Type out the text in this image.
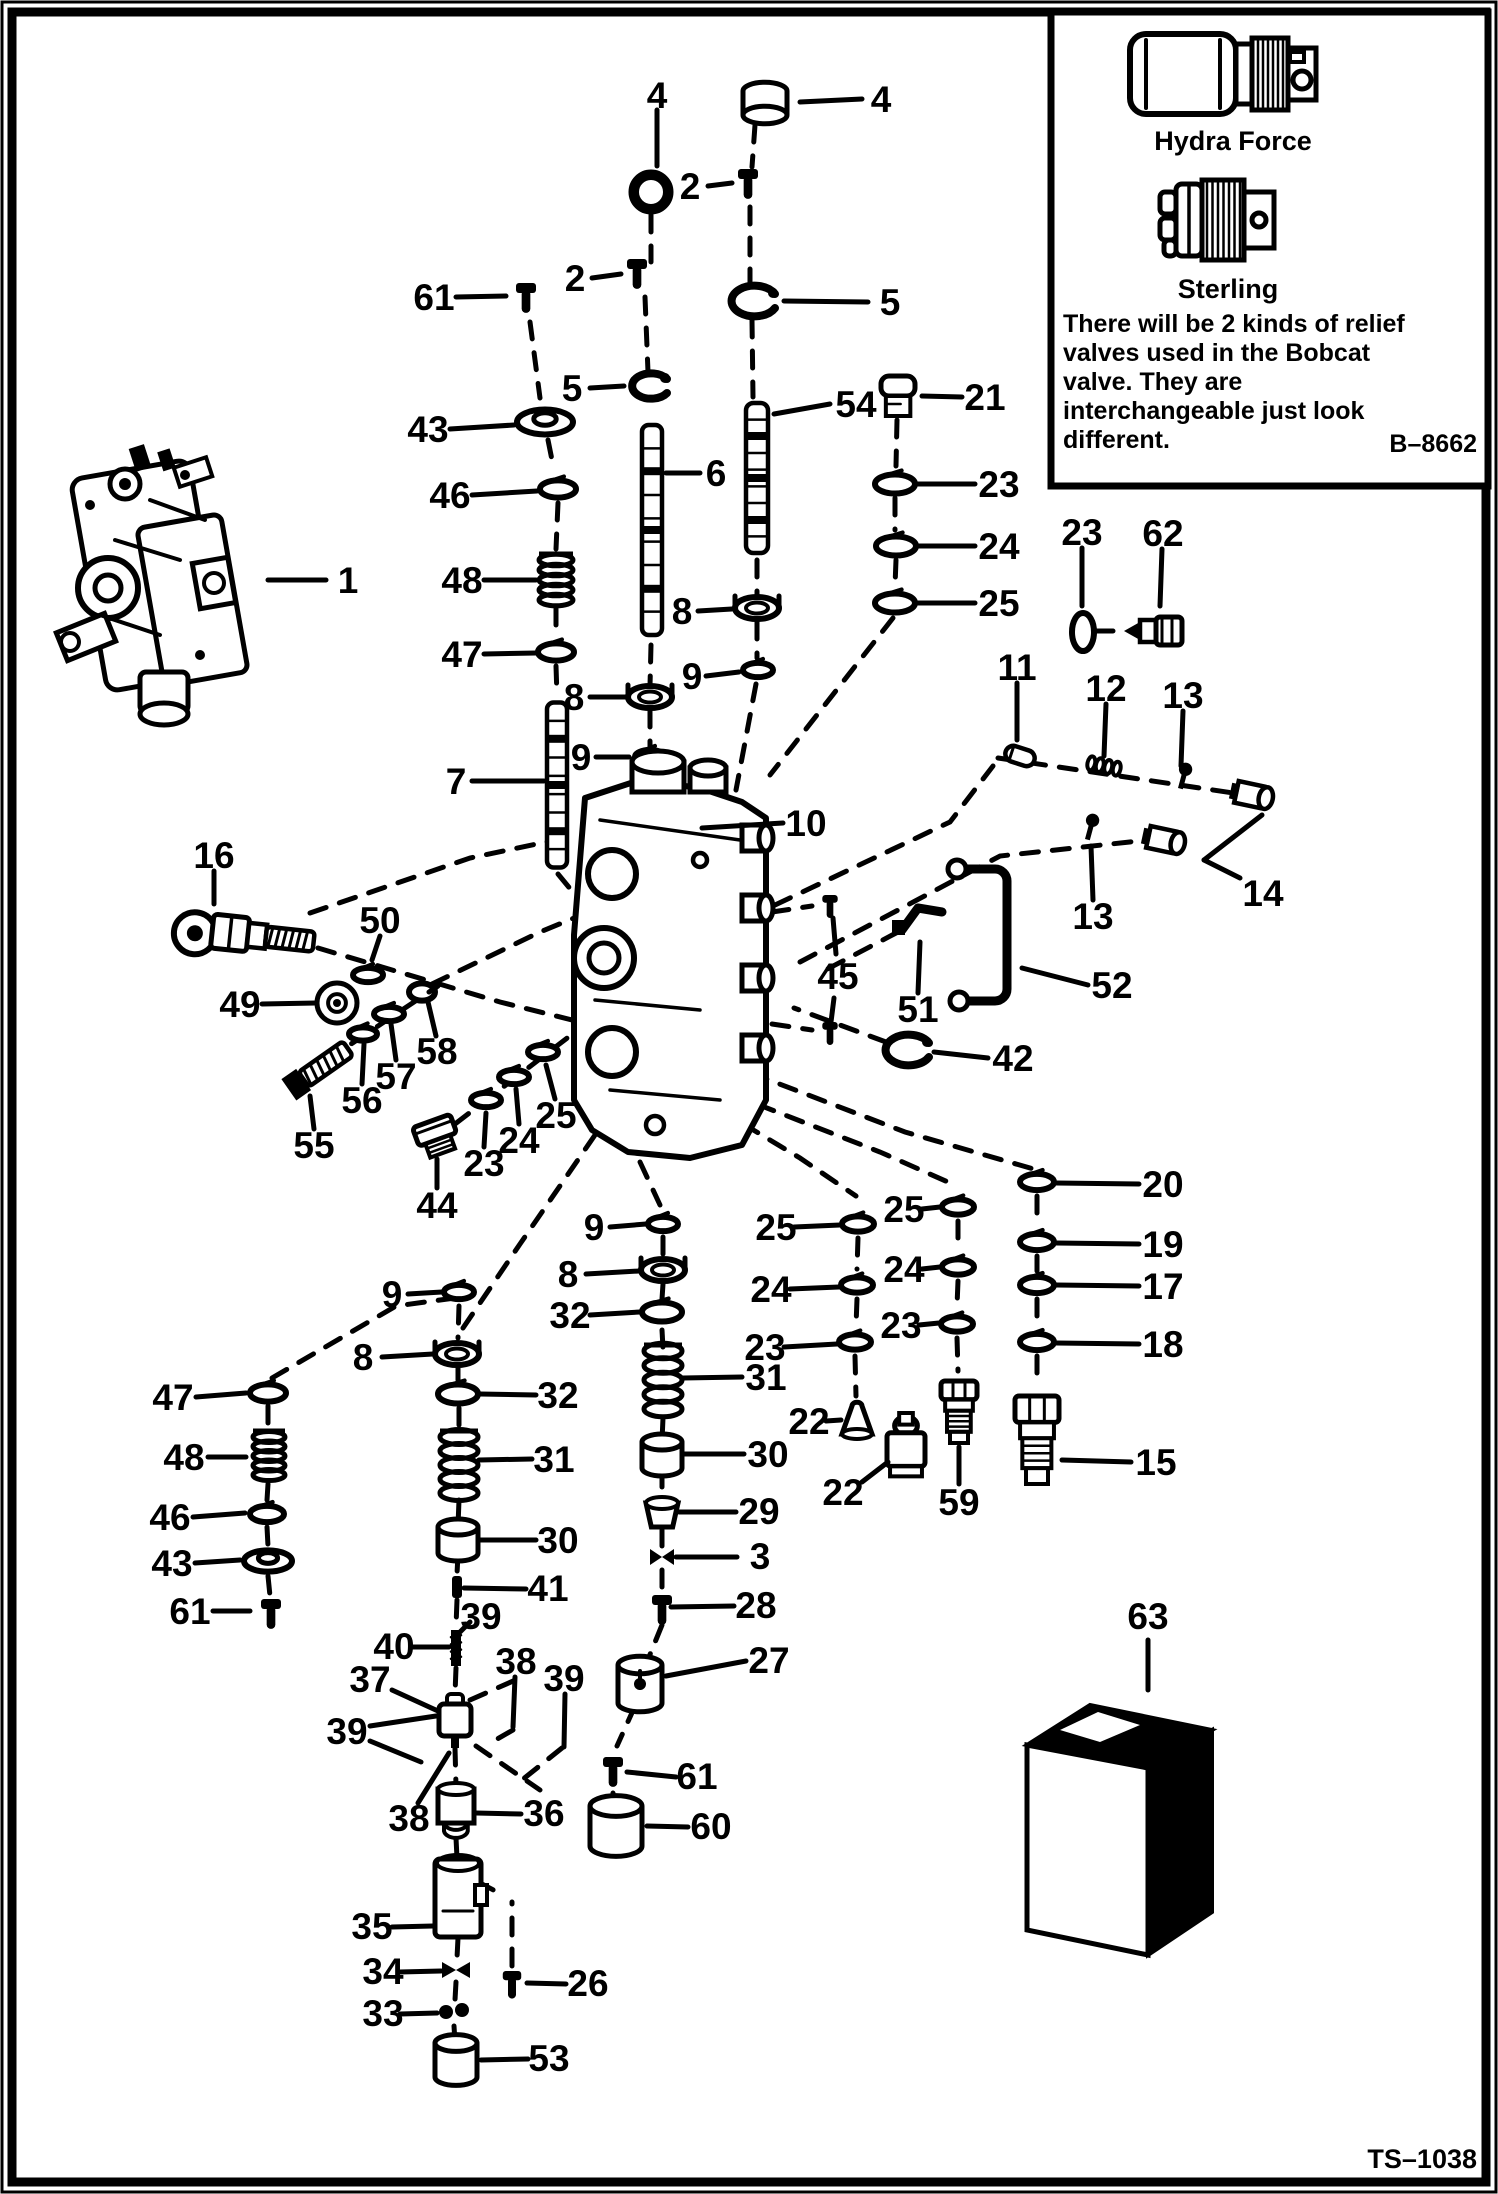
4	4
2
2
61	5
5	54 21
43
46	23
6
48
24
47
8	25
1
62
23
8
9	11
12 13
9
7
14
10
16
50	13
52
45
51
49
58
57
56
55
42
44
23
24
25
20
19
17
18
15
25 25
24 24
23
23
9
8
32
31
22
30
22 59
9
8
32
31
30
41
47
48
46
43
61	39
40 38 39
37
39
38	36
35
34	26
33
53
61
60
27
28
29
3
63
Hydra Force
Sterling
There will be 2 kinds of relief
valves used in the Bobcat
valve. They are
interchangeable just look
different.	B–8662
TS–1038
